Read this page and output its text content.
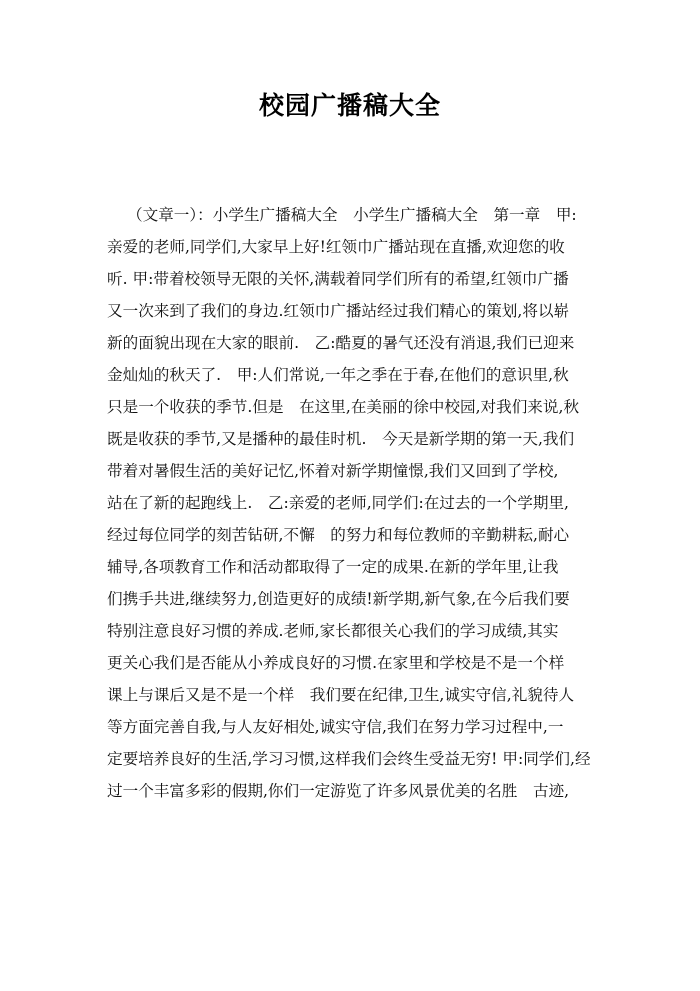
校园广播稿大全
（文章一）：小学生广播稿大全　小学生广播稿大全　第一章　甲:
亲爱的老师,同学们,大家早上好!红领巾广播站现在直播,欢迎您的收
听. 甲:带着校领导无限的关怀,满载着同学们所有的希望,红领巾广播
又一次来到了我们的身边.红领巾广播站经过我们精心的策划,将以崭
新的面貌出现在大家的眼前.　乙:酷夏的暑气还没有消退,我们已迎来
金灿灿的秋天了.　甲:人们常说,一年之季在于春,在他们的意识里,秋
只是一个收获的季节.但是　在这里,在美丽的徐中校园,对我们来说,秋
既是收获的季节,又是播种的最佳时机.　今天是新学期的第一天,我们
带着对暑假生活的美好记忆,怀着对新学期憧憬,我们又回到了学校,
站在了新的起跑线上.　乙:亲爱的老师,同学们:在过去的一个学期里,
经过每位同学的刻苦钻研,不懈　的努力和每位教师的辛勤耕耘,耐心
辅导,各项教育工作和活动都取得了一定的成果.在新的学年里,让我
们携手共进,继续努力,创造更好的成绩!新学期,新气象,在今后我们要
特别注意良好习惯的养成.老师,家长都很关心我们的学习成绩,其实
更关心我们是否能从小养成良好的习惯.在家里和学校是不是一个样
课上与课后又是不是一个样　我们要在纪律,卫生,诚实守信,礼貌待人
等方面完善自我,与人友好相处,诚实守信,我们在努力学习过程中,一
定要培养良好的生活,学习习惯,这样我们会终生受益无穷! 甲:同学们,经
过一个丰富多彩的假期,你们一定游览了许多风景优美的名胜　古迹,
